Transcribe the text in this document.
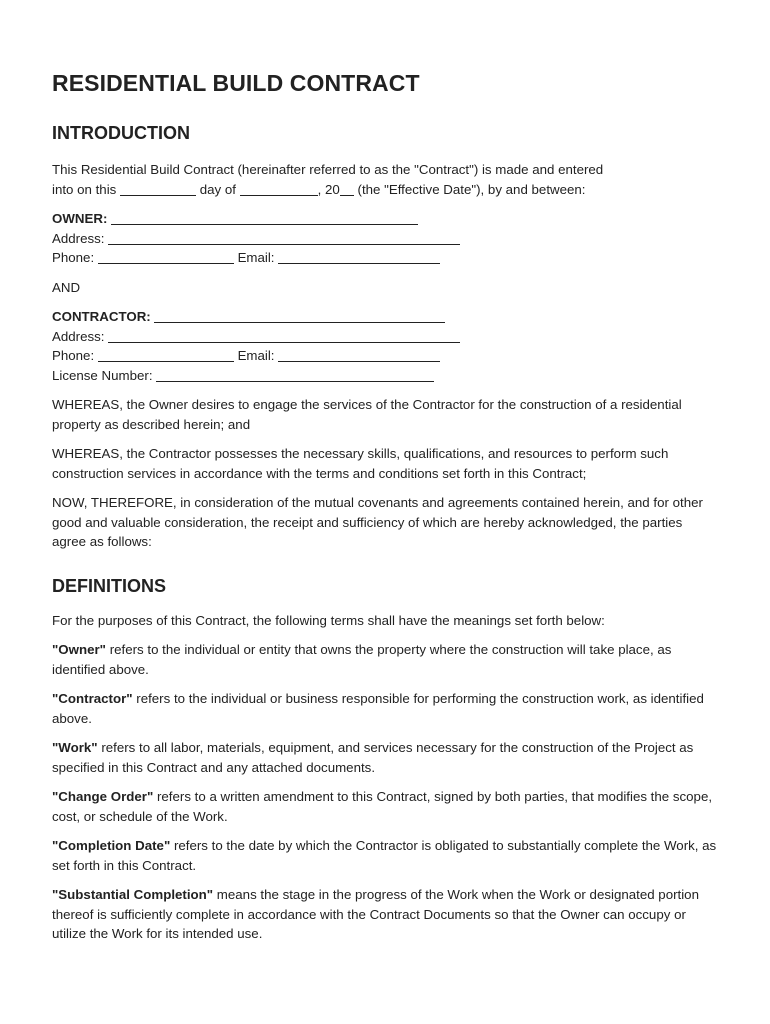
RESIDENTIAL BUILD CONTRACT
INTRODUCTION

This Residential Build Contract (hereinafter referred to as the "Contract") is made and entered
into on this	day of	, 20 (the "Effective Date"), by and between:

OWNER:
Address:
Phone:	Email:

AND

CONTRACTOR:
Address:
Phone:	Email:
License Number:

WHEREAS, the Owner desires to engage the services of the Contractor for the construction of a residential property as described herein; and

WHEREAS, the Contractor possesses the necessary skills, qualifications, and resources to perform such construction services in accordance with the terms and conditions set forth in this Contract;

NOW, THEREFORE, in consideration of the mutual covenants and agreements contained herein, and for other good and valuable consideration, the receipt and sufficiency of which are hereby acknowledged, the parties agree as follows:

DEFINITIONS

For the purposes of this Contract, the following terms shall have the meanings set forth below:

"Owner" refers to the individual or entity that owns the property where the construction will take place, as identified above.

"Contractor" refers to the individual or business responsible for performing the construction work, as identified above.

"Work" refers to all labor, materials, equipment, and services necessary for the construction of the Project as specified in this Contract and any attached documents.

"Change Order" refers to a written amendment to this Contract, signed by both parties, that modifies the scope, cost, or schedule of the Work.

"Completion Date" refers to the date by which the Contractor is obligated to substantially complete the Work, as set forth in this Contract.

"Substantial Completion" means the stage in the progress of the Work when the Work or designated portion thereof is sufficiently complete in accordance with the Contract Documents so that the Owner can occupy or utilize the Work for its intended use.
